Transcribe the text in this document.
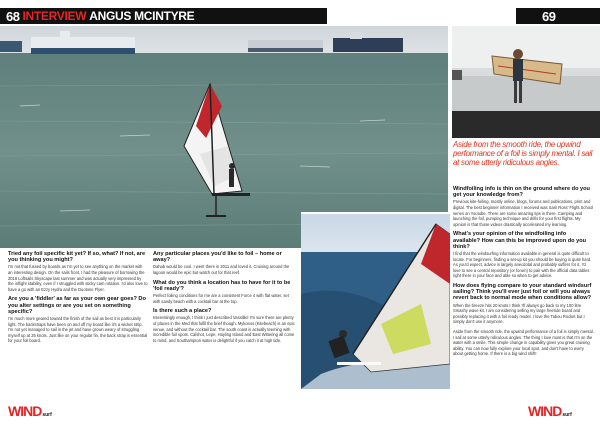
68 INTERVIEW ANGUS MCINTYRE	69
Aside from the smooth ride, the upwind performance of a foil is simply mental. I sail at some utterly ridiculous angles.
Tried any foil specific kit yet? If so, what? If not, are you thinking you might?

I'm not that fussed by boards as I'm yet to see anything on the market with an interesting design. On the sails front, I had the pleasure of borrowing the 2018 Loftsails Skyscape last summer and was actually very impressed by the inflight stability, even if I struggled with sticky cam rotation. I'd also love to have a go with an Ezzy Hydra and the Duotone Flyer.

Are you a 'fiddler' as far as your own gear goes? Do you alter settings or are you set on something specific?

I'm much more geared toward the finish of the sail as best it is particularly light. The backstraps have been on and off my board like it's a wicket strip. I'm not yet managed to sail in the jet and have grown weary of struggling myself up at 25 knots. Just like on your regular fin, the back strap is essential for your foil board.

Any particular places you'd like to foil – home or away?

Dahab would be cool. I went there in 2011 and loved it. Cruising around the lagoon would be epic but watch out for that reef.

What do you think a location has to have for it to be 'foil ready'?

Perfect foiling conditions for me are a consistent Force 4 with flat water, set with sandy beach with a cocktail bar at the top.

Is there such a place?

Interestingly enough, I think I just described Vassiliki! I'm sure there are plenty of places in the Med that fulfil the brief though. Mykonos (Kitebeach) is an epic venue, and without the cocktail bar. The south coast is actually teeming with incredible foil spots. Calshot, Lepe, Hayling Island and East Wittering all come to mind, and Southampton water is delightful if you catch it at high tide.

Windfoiling info is thin on the ground where do you get your knowledge from?

Previous kite-foiling, mostly online, blogs, forums and publications, print and digital. The best beginner information I received was Sam Ross' Flight School series on Youtube. There are some amazing tips in there. Camping and launching the foil, pumping technique and drills for your first flights. My opinion is that those videos drastically accelerated my learning.

What's your opinion of the windfoiling info available? How can this be improved upon do you think?

I find that the windsurfing information available in general is quite difficult to locate. For beginners, finding a set-up kit you should be buying is quite hard. As you'd expect, advice is largely anecdotal and probably suffers for it. I'd love to see a central repository (or forum) to pair with the official data tables right there in your face and able so when to get advice.

How does flying compare to your standard windsurf sailing? Think you'll ever just foil or will you always revert back to normal mode when conditions allow?

When the breeze hits 20 knots I think I'll always go back to my 100 litre Smashy wave kit. I am considering selling my large freeride board and possibly replacing it with a foil ready model. I love the Tabou Rocket but I simply don't use it anymore.

Aside from the smooth ride, the upwind performance of a foil is simply mental. I sail at some utterly ridiculous angles. The thing I love most is that I'm on the water with a smile. This simple change in capability gives you great cruising ability. You can now fully explore your local spot, and don't have to worry about getting home. If there is a big wind shift!

WIND surf	WIND surf
